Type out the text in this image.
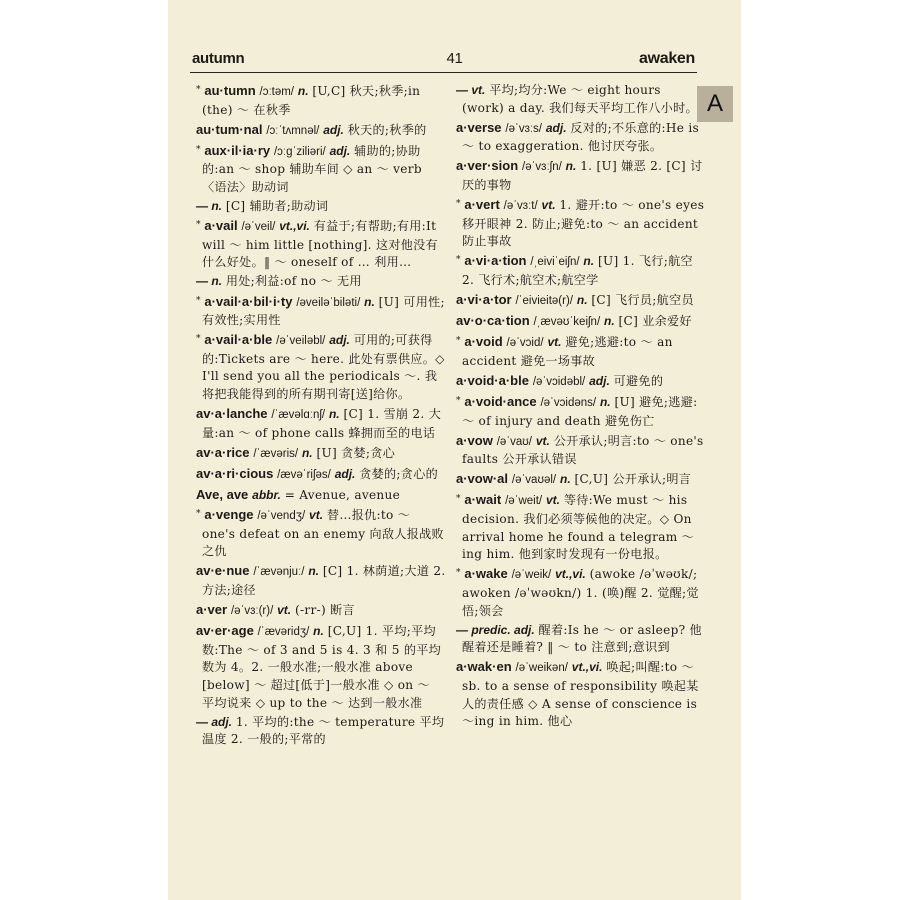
autumn	41	awaken
A
* au·tumn /ɔːtəm/ n. [U,C] 秋天;秋季;in (the) ～ 在秋季
au·tum·nal /ɔːˈtʌmnəl/ adj. 秋天的;秋季的
* aux·il·ia·ry /ɔːɡˈziliəri/ adj. 辅助的;协助的:an ～ shop 辅助车间 ◇ an ～ verb〈语法〉助动词
— n. [C] 辅助者;助动词
* a·vail /əˈveil/ vt.,vi. 有益于;有帮助;有用:It will ～ him little [nothing]. 这对他没有什么好处。‖ ～ oneself of … 利用…
— n. 用处;利益:of no ～ 无用
* a·vail·a·bil·i·ty /əveiləˈbiləti/ n. [U] 可用性;有效性;实用性
* a·vail·a·ble /əˈveiləbl/ adj. 可用的;可获得的:Tickets are ～ here. 此处有票供应。◇ I'll send you all the periodicals ～. 我将把我能得到的所有期刊寄[送]给你。
av·a·lanche /ˈævəlɑːnʃ/ n. [C] 1. 雪崩 2. 大量:an ～ of phone calls 蜂拥而至的电话
av·a·rice /ˈævəris/ n. [U] 贪婪;贪心
av·a·ri·cious /ævəˈriʃəs/ adj. 贪婪的;贪心的
Ave, ave abbr. = Avenue, avenue
* a·venge /əˈvendʒ/ vt. 替…报仇:to ～ one's defeat on an enemy 向敌人报战败之仇
av·e·nue /ˈævənjuː/ n. [C] 1. 林荫道;大道 2. 方法;途径
a·ver /əˈvɜː(r)/ vt. (-rr-) 断言
av·er·age /ˈævəridʒ/ n. [C,U] 1. 平均;平均数:The ～ of 3 and 5 is 4. 3 和 5 的平均数为 4。2. 一般水准;一般水准 above [below] ～ 超过[低于]一般水准 ◇ on ～ 平均说来 ◇ up to the ～ 达到一般水准
— adj. 1. 平均的:the ～ temperature 平均温度 2. 一般的;平常的
— vt. 平均;均分:We ～ eight hours (work) a day. 我们每天平均工作八小时。
a·verse /əˈvɜːs/ adj. 反对的;不乐意的:He is ～ to exaggeration. 他讨厌夸张。
a·ver·sion /əˈvɜːʃn/ n. 1. [U] 嫌恶 2. [C] 讨厌的事物
* a·vert /əˈvɜːt/ vt. 1. 避开:to ～ one's eyes 移开眼神 2. 防止;避免:to ～ an accident 防止事故
* a·vi·a·tion /ˌeiviˈeiʃn/ n. [U] 1. 飞行;航空 2. 飞行术;航空术;航空学
a·vi·a·tor /ˈeivieitə(r)/ n. [C] 飞行员;航空员
av·o·ca·tion /ˌævəʊˈkeiʃn/ n. [C] 业余爱好
* a·void /əˈvɔid/ vt. 避免;逃避:to ～ an accident 避免一场事故
a·void·a·ble /əˈvɔidəbl/ adj. 可避免的
* a·void·ance /əˈvɔidəns/ n. [U] 避免;逃避:～ of injury and death 避免伤亡
a·vow /əˈvaʊ/ vt. 公开承认;明言:to ～ one's faults 公开承认错误
a·vow·al /əˈvaʊəl/ n. [C,U] 公开承认;明言
* a·wait /əˈweit/ vt. 等待:We must ～ his decision. 我们必须等候他的决定。◇ On arrival home he found a telegram ～ing him. 他到家时发现有一份电报。
* a·wake /əˈweik/ vt.,vi. (awoke /əˈwəʊk/; awoken /əˈwəʊkn/) 1. (唤)醒 2. 觉醒;觉悟;领会
— predic. adj. 醒着:Is he ～ or asleep? 他醒着还是睡着? ‖ ～ to 注意到;意识到
a·wak·en /əˈweikən/ vt.,vi. 唤起;叫醒:to ～ sb. to a sense of responsibility 唤起某人的责任感 ◇ A sense of conscience is ～ing in him. 他心
